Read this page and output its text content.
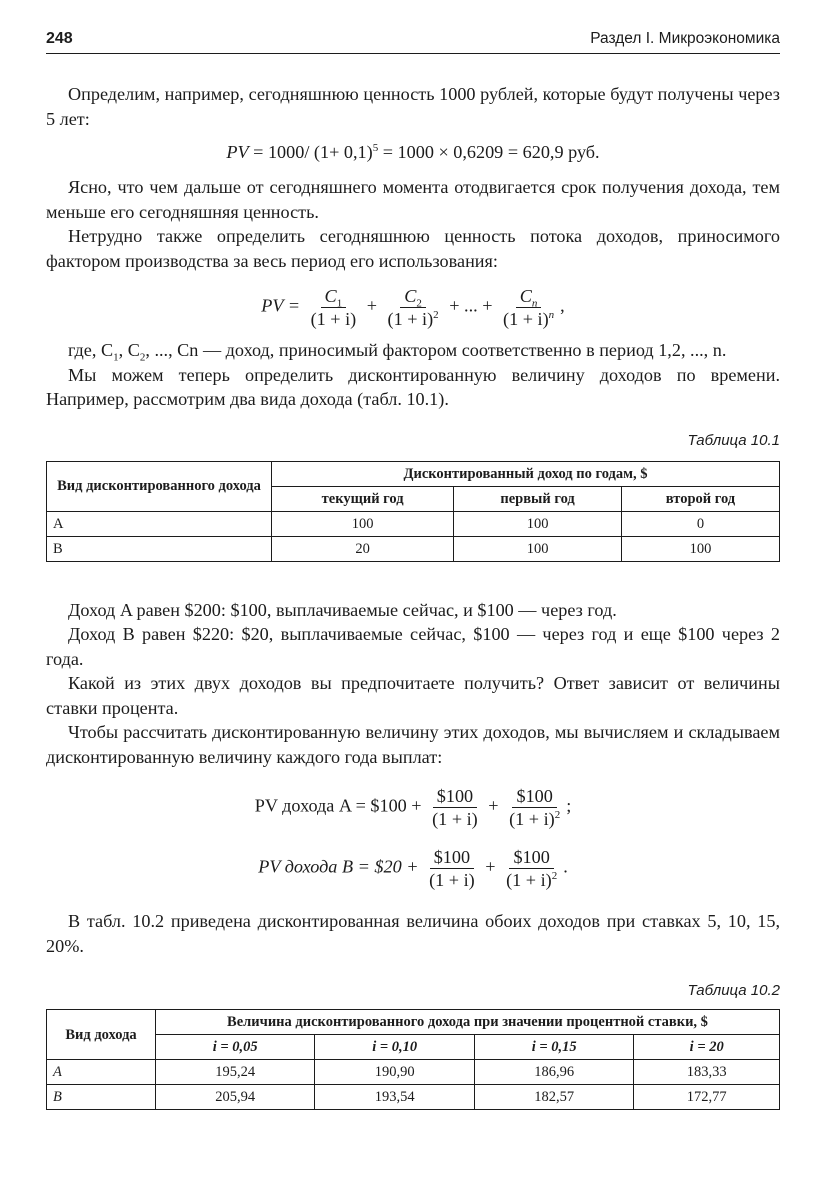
248	Раздел I. Микроэкономика

Определим, например, сегодняшнюю ценность 1000 рублей, которые будут получены через 5 лет:

PV = 1000/ $(1+ 0,1)^5 = 1000 \times 0,6209 = 620,9$ руб.

Ясно, что чем дальше от сегодняшнего момента отодвигается срок получения дохода, тем меньше его сегодняшняя ценность.

Нетрудно также определить сегодняшнюю ценность потока доходов, приносимого фактором производства за весь период его использования:

PV = $\frac{C_1}{(1 + i)} + \frac{C_2}{(1 + i)^2}$ + ... + $\frac{C_n}{(1 + i)^n}$ ,

где, $C_1$, $C_2$, ..., Cn — доход, приносимый фактором соответственно в период 1,2, ..., n.

Мы можем теперь определить дисконтированную величину доходов по времени. Например, рассмотрим два вида дохода (табл. 10.1).

Таблица 10.1
Вид дисконтированного дохода	Дисконтированный доход по годам, $		
	текущий год	первый год	второй год
А	100	100	0
В	20	100	100

Доход A равен $200: $100, выплачиваемые сейчас, и $100 — через год.

Доход B равен $220: $20, выплачиваемые сейчас, $100 — через год и еще $100 через 2 года.

Какой из этих двух доходов вы предпочитаете получить? Ответ зависит от величины ставки процента.

Чтобы рассчитать дисконтированную величину этих доходов, мы вычисляем и складываем дисконтированную величину каждого года выплат:

PV дохода A = $100 + $\frac{\$100}{(1 + i)} + \frac{\$100}{(1 + i)^2}$ ;
PV дохода B = $20 + $\frac{\$100}{(1 + i)} + \frac{\$100}{(1 + i)^2}$ .

В табл. 10.2 приведена дисконтированная величина обоих доходов при ставках 5, 10, 15, 20%.

Таблица 10.2
Вид дохода	Величина дисконтированного дохода при значении процентной ставки, $			
	i = 0,05	i = 0,10	i = 0,15	i = 20
A	195,24	190,90	186,96	183,33
B	205,94	193,54	182,57	172,77
